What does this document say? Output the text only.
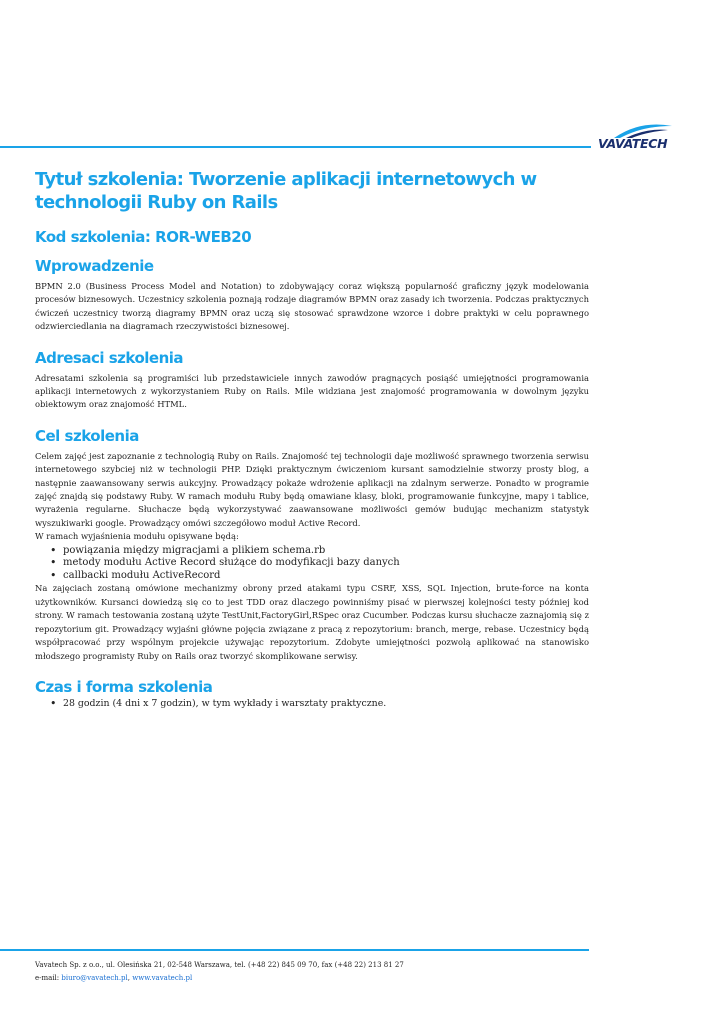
VAVATECH
Tytuł szkolenia: Tworzenie aplikacji internetowych w technologii Ruby on Rails
Kod szkolenia: ROR-WEB20
Wprowadzenie

BPMN 2.0 (Business Process Model and Notation) to zdobywający coraz większą popularność graficzny język modelowania procesów biznesowych. Uczestnicy szkolenia poznają rodzaje diagramów BPMN oraz zasady ich tworzenia. Podczas praktycznych ćwiczeń uczestnicy tworzą diagramy BPMN oraz uczą się stosować sprawdzone wzorce i dobre praktyki w celu poprawnego odzwierciedlania na diagramach rzeczywistości biznesowej.

Adresaci szkolenia

Adresatami szkolenia są programiści lub przedstawiciele innych zawodów pragnących posiąść umiejętności programowania aplikacji internetowych z wykorzystaniem Ruby on Rails. Mile widziana jest znajomość programowania w dowolnym języku obiektowym oraz znajomość HTML.

Cel szkolenia

Celem zajęć jest zapoznanie z technologią Ruby on Rails. Znajomość tej technologii daje możliwość sprawnego tworzenia serwisu internetowego szybciej niż w technologii PHP. Dzięki praktycznym ćwiczeniom kursant samodzielnie stworzy prosty blog, a następnie zaawansowany serwis aukcyjny. Prowadzący pokaże wdrożenie aplikacji na zdalnym serwerze. Ponadto w programie zajęć znajdą się podstawy Ruby. W ramach modułu Ruby będą omawiane klasy, bloki, programowanie funkcyjne, mapy i tablice, wyrażenia regularne. Słuchacze będą wykorzystywać zaawansowane możliwości gemów budując mechanizm statystyk wyszukiwarki google. Prowadzący omówi szczegółowo moduł Active Record.

W ramach wyjaśnienia modułu opisywane będą:

• powiązania między migracjami a plikiem schema.rb
• metody modułu Active Record służące do modyfikacji bazy danych
• callbacki modułu ActiveRecord

Na zajęciach zostaną omówione mechanizmy obrony przed atakami typu CSRF, XSS, SQL Injection, brute-force na konta użytkowników. Kursanci dowiedzą się co to jest TDD oraz dlaczego powinniśmy pisać w pierwszej kolejności testy później kod strony. W ramach testowania zostaną użyte TestUnit,FactoryGirl,RSpec oraz Cucumber. Podczas kursu słuchacze zaznajomią się z repozytorium git. Prowadzący wyjaśni główne pojęcia związane z pracą z repozytorium: branch, merge, rebase. Uczestnicy będą współpracować przy wspólnym projekcie używając repozytorium. Zdobyte umiejętności pozwolą aplikować na stanowisko młodszego programisty Ruby on Rails oraz tworzyć skomplikowane serwisy.

Czas i forma szkolenia
• 28 godzin (4 dni x 7 godzin), w tym wykłady i warsztaty praktyczne.
Vavatech Sp. z o.o., ul. Olesińska 21, 02-548 Warszawa, tel. (+48 22) 845 09 70, fax (+48 22) 213 81 27
e-mail: biuro@vavatech.pl, www.vavatech.pl
